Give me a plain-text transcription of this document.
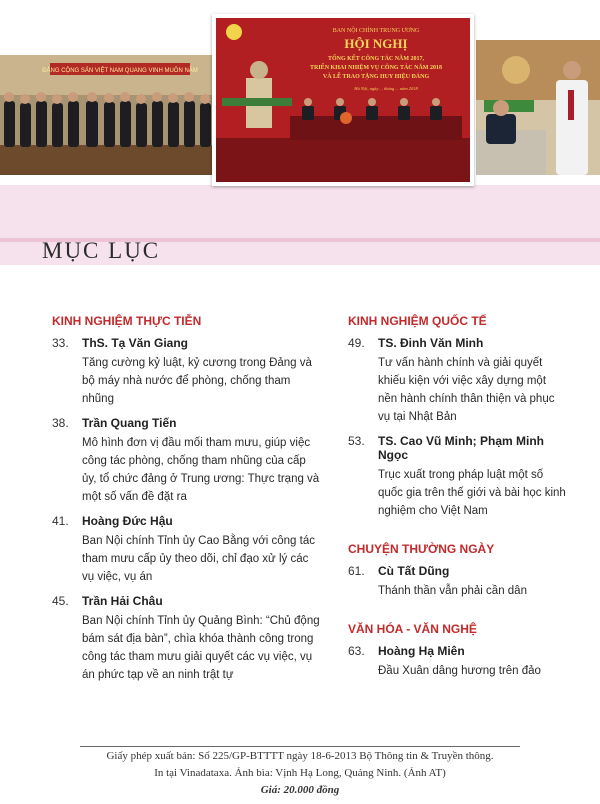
ĐẢNG CỘNG SẢN VIỆT NAM QUANG VINH MUÔN NĂM
BAN NỘI CHÍNH TRUNG ƯƠNG
HỘI NGHỊ
TỔNG KẾT CÔNG TÁC NĂM 2017,
TRIỂN KHAI NHIỆM VỤ CÔNG TÁC NĂM 2018
VÀ LỄ TRAO TẶNG HUY HIỆU ĐẢNG
Hà Nội, ngày ... tháng ... năm 2018
MỤC LỤC
KINH NGHIỆM THỰC TIỄN
33. ThS. Tạ Văn Giang
Tăng cường kỷ luật, kỷ cương trong Đảng và bộ máy nhà nước để phòng, chống tham nhũng
38. Trần Quang Tiến
Mô hình đơn vị đầu mối tham mưu, giúp việc công tác phòng, chống tham nhũng của cấp ủy, tổ chức đảng ở Trung ương: Thực trạng và một số vấn đề đặt ra
41. Hoàng Đức Hậu
Ban Nội chính Tỉnh ủy Cao Bằng với công tác tham mưu cấp ủy theo dõi, chỉ đạo xử lý các vụ việc, vụ án
45. Trần Hải Châu
Ban Nội chính Tỉnh ủy Quảng Bình: “Chủ động bám sát địa bàn”, chìa khóa thành công trong công tác tham mưu giải quyết các vụ việc, vụ án phức tạp về an ninh trật tự
KINH NGHIỆM QUỐC TẾ
49. TS. Đinh Văn Minh
Tư vấn hành chính và giải quyết khiếu kiện với việc xây dựng một nền hành chính thân thiện và phục vụ tại Nhật Bản
53. TS. Cao Vũ Minh; Phạm Minh Ngọc
Trục xuất trong pháp luật một số quốc gia trên thế giới và bài học kinh nghiệm cho Việt Nam
CHUYỆN THƯỜNG NGÀY
61. Cù Tất Dũng
Thánh thần vẫn phải cần dân
VĂN HÓA - VĂN NGHỆ
63. Hoàng Hạ Miên
Đầu Xuân dâng hương trên đảo
Giấy phép xuất bản: Số 225/GP-BTTTT ngày 18-6-2013 Bộ Thông tin & Truyền thông.
In tại Vinadataxa. Ảnh bìa: Vịnh Hạ Long, Quảng Ninh. (Ảnh AT)
Giá: 20.000 đồng
